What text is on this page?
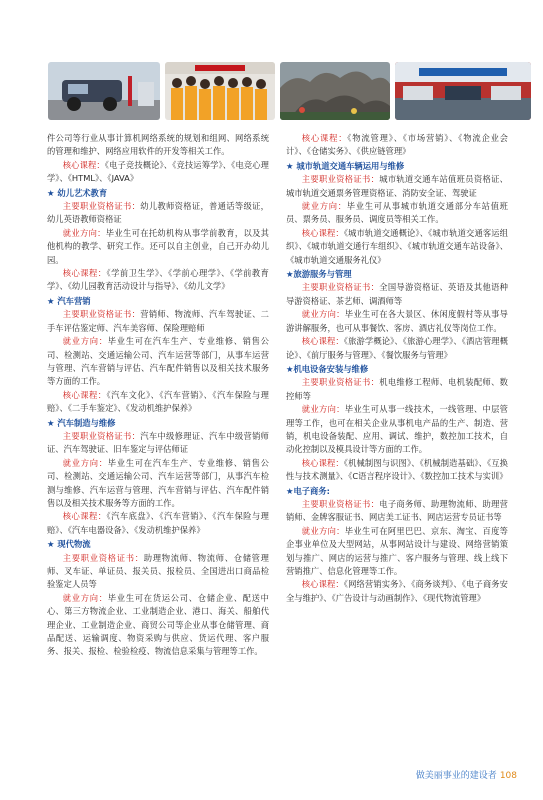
件公司等行业从事计算机网络系统的规划和组网、网络系统的管理和维护、网络应用软件的开发等相关工作。
核心课程：《电子竞技概论》、《竞技运筹学》、《电竞心理学》、《HTML》、《JAVA》
★ 幼儿艺术教育
主要职业资格证书：幼儿教师资格证，普通话等级证，幼儿英语教师资格证
就业方向：毕业生可在托幼机构从事学前教育，以及其他机构的教学、研究工作。还可以自主创业，自己开办幼儿园。
核心课程：《学前卫生学》、《学前心理学》、《学前教育学》、《幼儿园教育活动设计与指导》、《幼儿文学》
★ 汽车营销
主要职业资格证书：营销师、物流师、汽车驾驶证、二手车评估鉴定师、汽车美容师、保险理赔师
就业方向：毕业生可在汽车生产、专业维修、销售公司、检测站、交通运输公司、汽车运营等部门，从事车运营与管理、汽车营销与评估、汽车配件销售以及相关技术服务等方面的工作。
核心课程：《汽车文化》、《汽车营销》、《汽车保险与理赔》、《二手车鉴定》、《发动机维护保养》
★ 汽车制造与维修
主要职业资格证书：汽车中级修理证、汽车中级营销师证、汽车驾驶证、旧车鉴定与评估师证
就业方向：毕业生可在汽车生产、专业维修、销售公司、检测站、交通运输公司、汽车运营等部门，从事汽车检测与维修、汽车运营与管理、汽车营销与评估、汽车配件销售以及相关技术服务等方面的工作。
核心课程：《汽车底盘》、《汽车营销》、《汽车保险与理赔》、《汽车电器设备》、《发动机维护保养》
★ 现代物流
主要职业资格证书：助理物流师、物流师、仓储管理师、叉车证、单证员、报关员、报检员、全国进出口商品检验鉴定人员等
就业方向：毕业生可在货运公司、仓储企业、配送中心、第三方物流企业、工业制造企业、港口、海关、船舶代理企业、工业制造企业、商贸公司等企业从事仓储管理、商品配送、运输调度、物资采购与供应、货运代理、客户服务、报关、报检、检验检疫、物流信息采集与管理等工作。
核心课程：《物流管理》、《市场营销》、《物流企业会计》、《仓储实务》、《供应链管理》
★ 城市轨道交通车辆运用与维修
主要职业资格证书：城市轨道交通车站值班员资格证、城市轨道交通票务管理资格证、消防安全证、驾驶证
就业方向：毕业生可从事城市轨道交通部分车站值班员、票务员、服务员、调度员等相关工作。
核心课程：《城市轨道交通概论》、《城市轨道交通客运组织》、《城市轨道交通行车组织》、《城市轨道交通车站设备》、《城市轨道交通服务礼仪》
★旅游服务与管理
主要职业资格证书：全国导游资格证、英语及其他语种导游资格证、茶艺师、调酒师等
就业方向：毕业生可在各大景区、休闲度假村等从事导游讲解服务，也可从事餐饮、客房、酒店礼仪等岗位工作。
核心课程：《旅游学概论》、《旅游心理学》、《酒店管理概论》、《前厅服务与管理》、《餐饮服务与管理》
★机电设备安装与维修
主要职业资格证书：机电维修工程师、电机装配师、数控师等
就业方向：毕业生可从事一线技术，一线管理、中层管理等工作，也可在相关企业从事机电产品的生产、制造、营销，机电设备装配、应用、调试、维护，数控加工技术，自动化控制以及模具设计等方面的工作。
核心课程：《机械制图与识图》、《机械制造基础》、《互换性与技术测量》、《C语言程序设计》、《数控加工技术与实训》
★电子商务:
主要职业资格证书：电子商务师、助理物流师、助理营销师、金牌客服证书、网店美工证书、网店运营专员证书等
就业方向：毕业生可在阿里巴巴、京东、淘宝、百度等企事业单位及大型网站，从事网站设计与建设、网络营销策划与推广、网店的运营与推广、客户服务与管理、线上线下营销推广、信息化管理等工作。
核心课程：《网络营销实务》、《商务谈判》、《电子商务安全与维护》、《广告设计与动画制作》、《现代物流管理》
做美丽事业的建设者 108
